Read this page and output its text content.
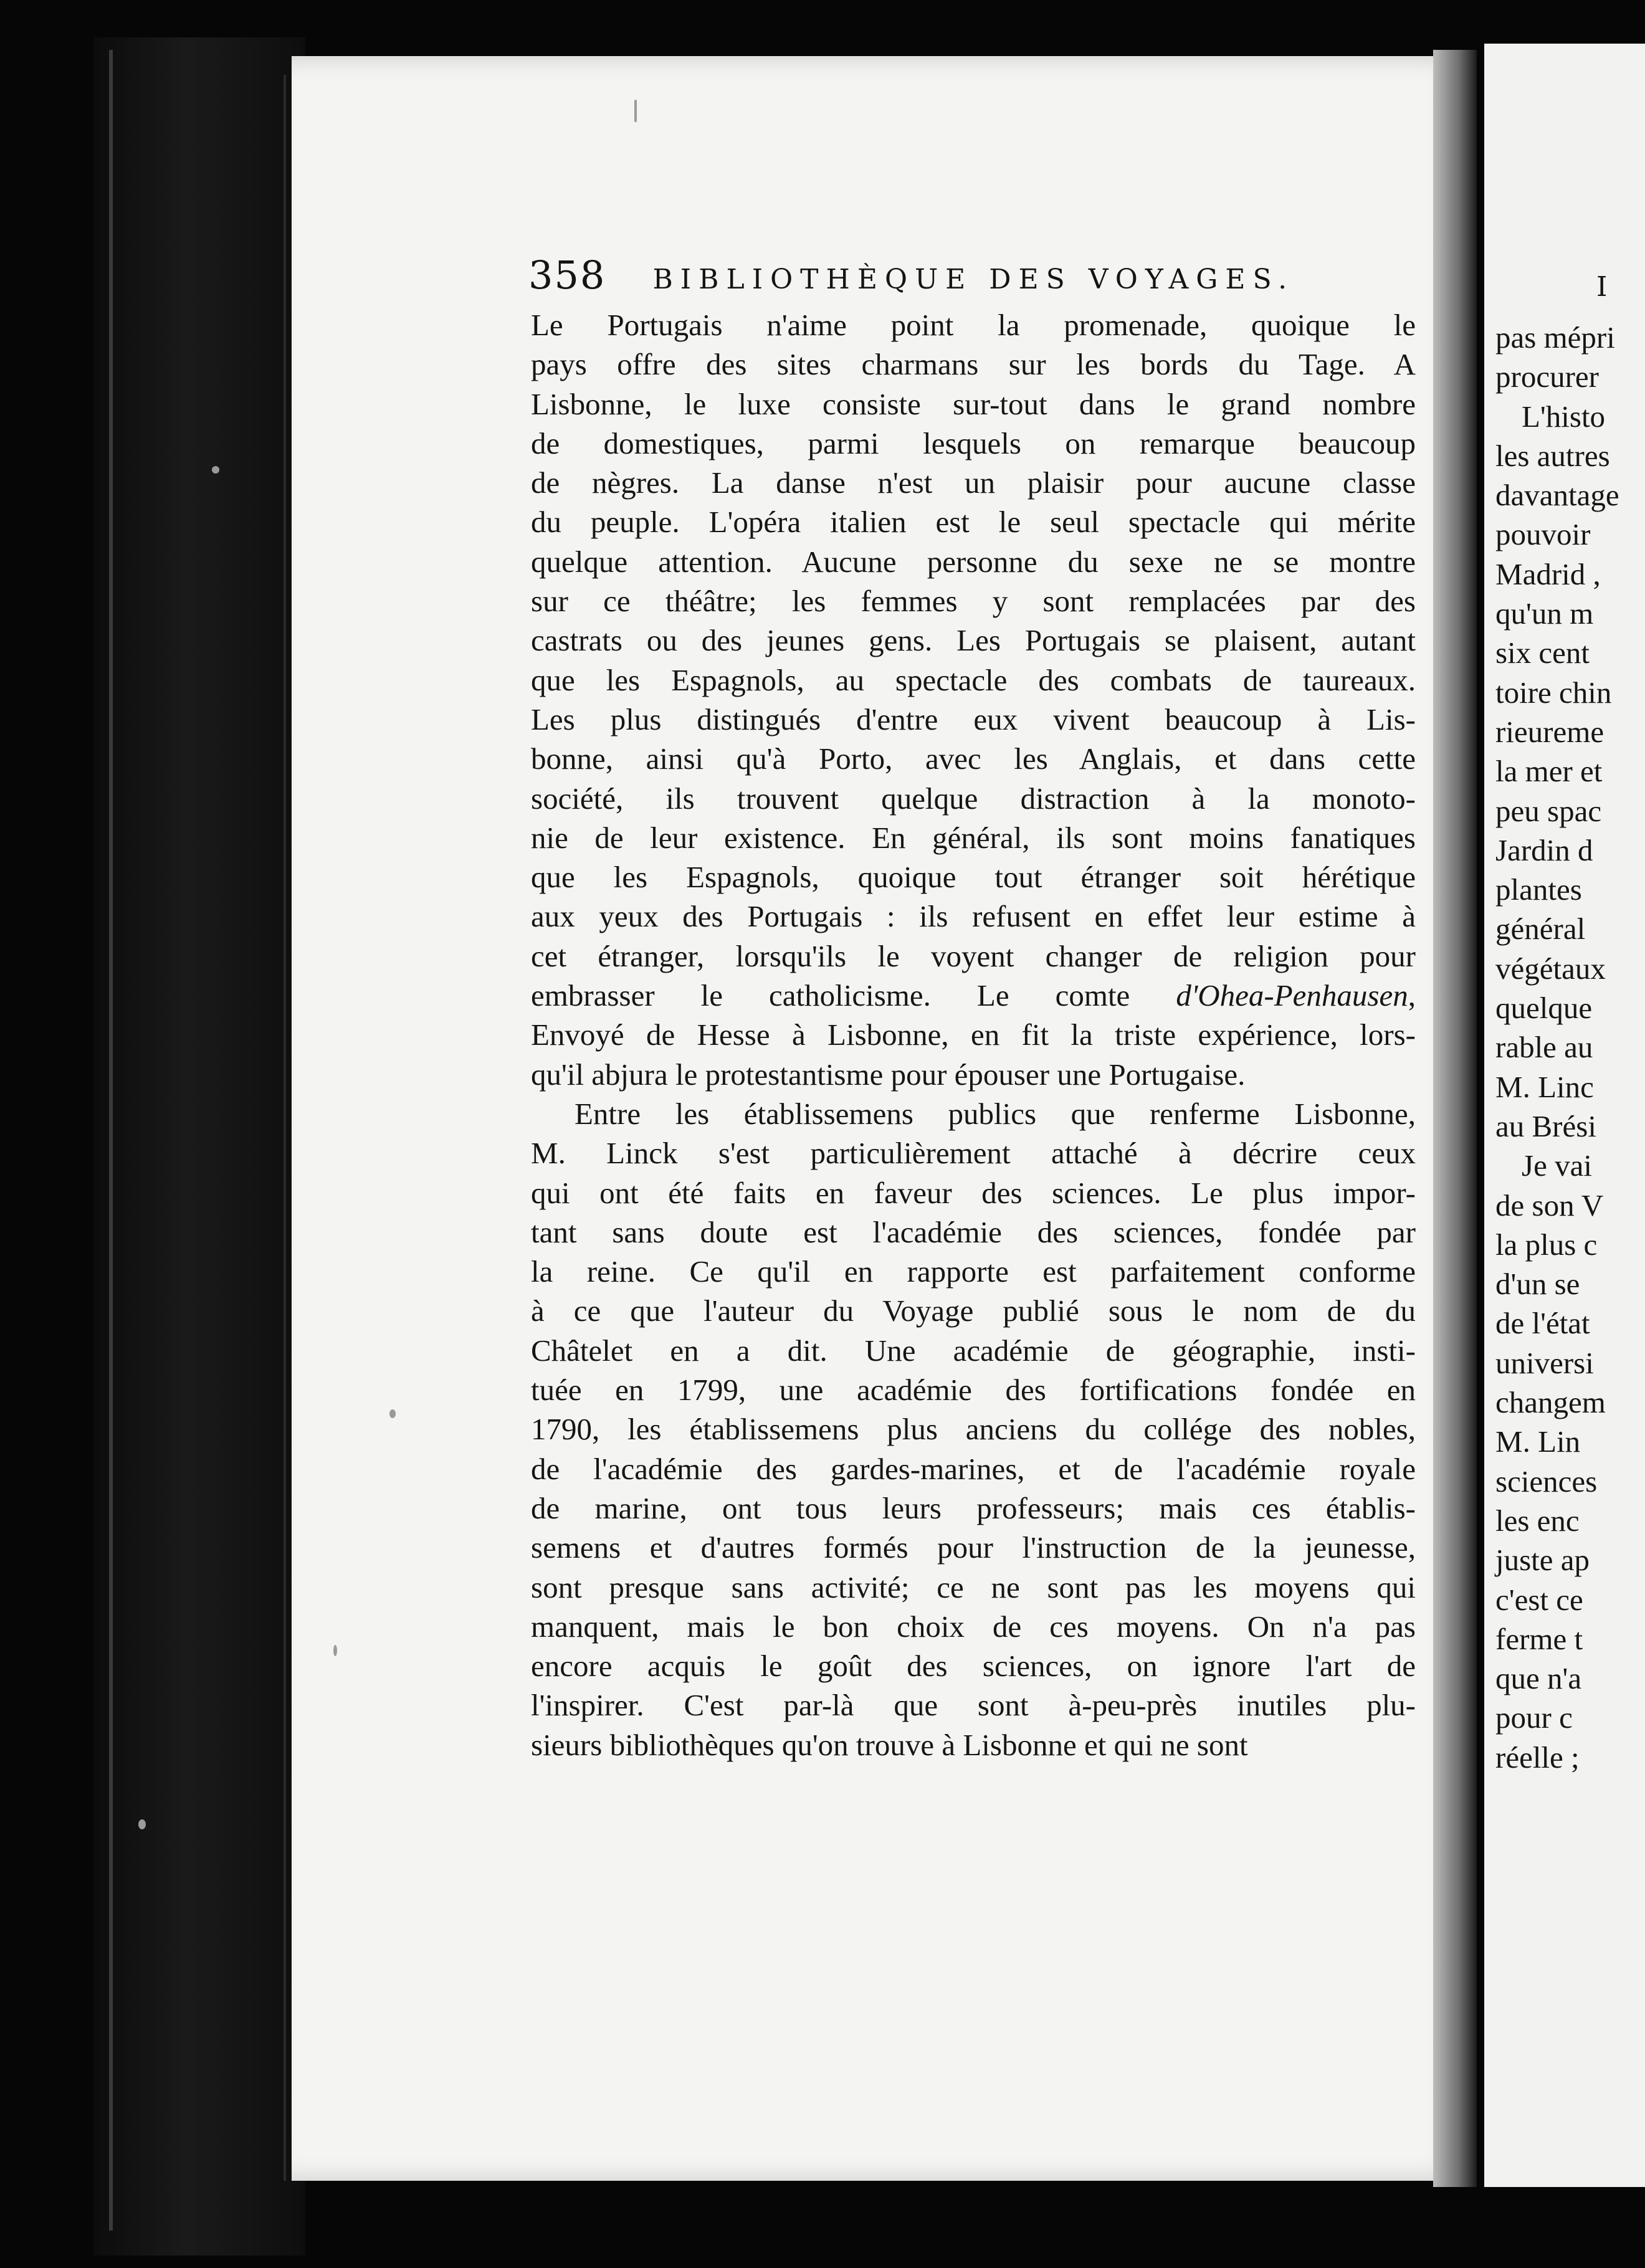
358 BIBLIOTHÈQUE DES VOYAGES.
Le Portugais n'aime point la promenade, quoique le
pays offre des sites charmans sur les bords du Tage. A
Lisbonne, le luxe consiste sur-tout dans le grand nombre
de domestiques, parmi lesquels on remarque beaucoup
de nègres. La danse n'est un plaisir pour aucune classe
du peuple. L'opéra italien est le seul spectacle qui mérite
quelque attention. Aucune personne du sexe ne se montre
sur ce théâtre; les femmes y sont remplacées par des
castrats ou des jeunes gens. Les Portugais se plaisent, autant
que les Espagnols, au spectacle des combats de taureaux.
Les plus distingués d'entre eux vivent beaucoup à Lis-
bonne, ainsi qu'à Porto, avec les Anglais, et dans cette
société, ils trouvent quelque distraction à la monoto-
nie de leur existence. En général, ils sont moins fanatiques
que les Espagnols, quoique tout étranger soit hérétique
aux yeux des Portugais : ils refusent en effet leur estime à
cet étranger, lorsqu'ils le voyent changer de religion pour
embrasser le catholicisme. Le comte d'Ohea-Penhausen,
Envoyé de Hesse à Lisbonne, en fit la triste expérience, lors-
qu'il abjura le protestantisme pour épouser une Portugaise.
Entre les établissemens publics que renferme Lisbonne,
M. Linck s'est particulièrement attaché à décrire ceux
qui ont été faits en faveur des sciences. Le plus impor-
tant sans doute est l'académie des sciences, fondée par
la reine. Ce qu'il en rapporte est parfaitement conforme
à ce que l'auteur du Voyage publié sous le nom de du
Châtelet en a dit. Une académie de géographie, insti-
tuée en 1799, une académie des fortifications fondée en
1790, les établissemens plus anciens du collége des nobles,
de l'académie des gardes-marines, et de l'académie royale
de marine, ont tous leurs professeurs; mais ces établis-
semens et d'autres formés pour l'instruction de la jeunesse,
sont presque sans activité; ce ne sont pas les moyens qui
manquent, mais le bon choix de ces moyens. On n'a pas
encore acquis le goût des sciences, on ignore l'art de
l'inspirer. C'est par-là que sont à-peu-près inutiles plu-
sieurs bibliothèques qu'on trouve à Lisbonne et qui ne sont
I
pas mépri
procurer
L'histo
les autres
davantage
pouvoir
Madrid ,
qu'un m
six cent
toire chin
rieureme
la mer et
peu spac
Jardin d
plantes
général
végétaux
quelque
rable au
M. Linc
au Brési
Je vai
de son V
la plus c
d'un se
de l'état
universi
changem
M. Lin
sciences
les enc
juste ap
c'est ce
ferme t
que n'a
pour c
réelle ;
